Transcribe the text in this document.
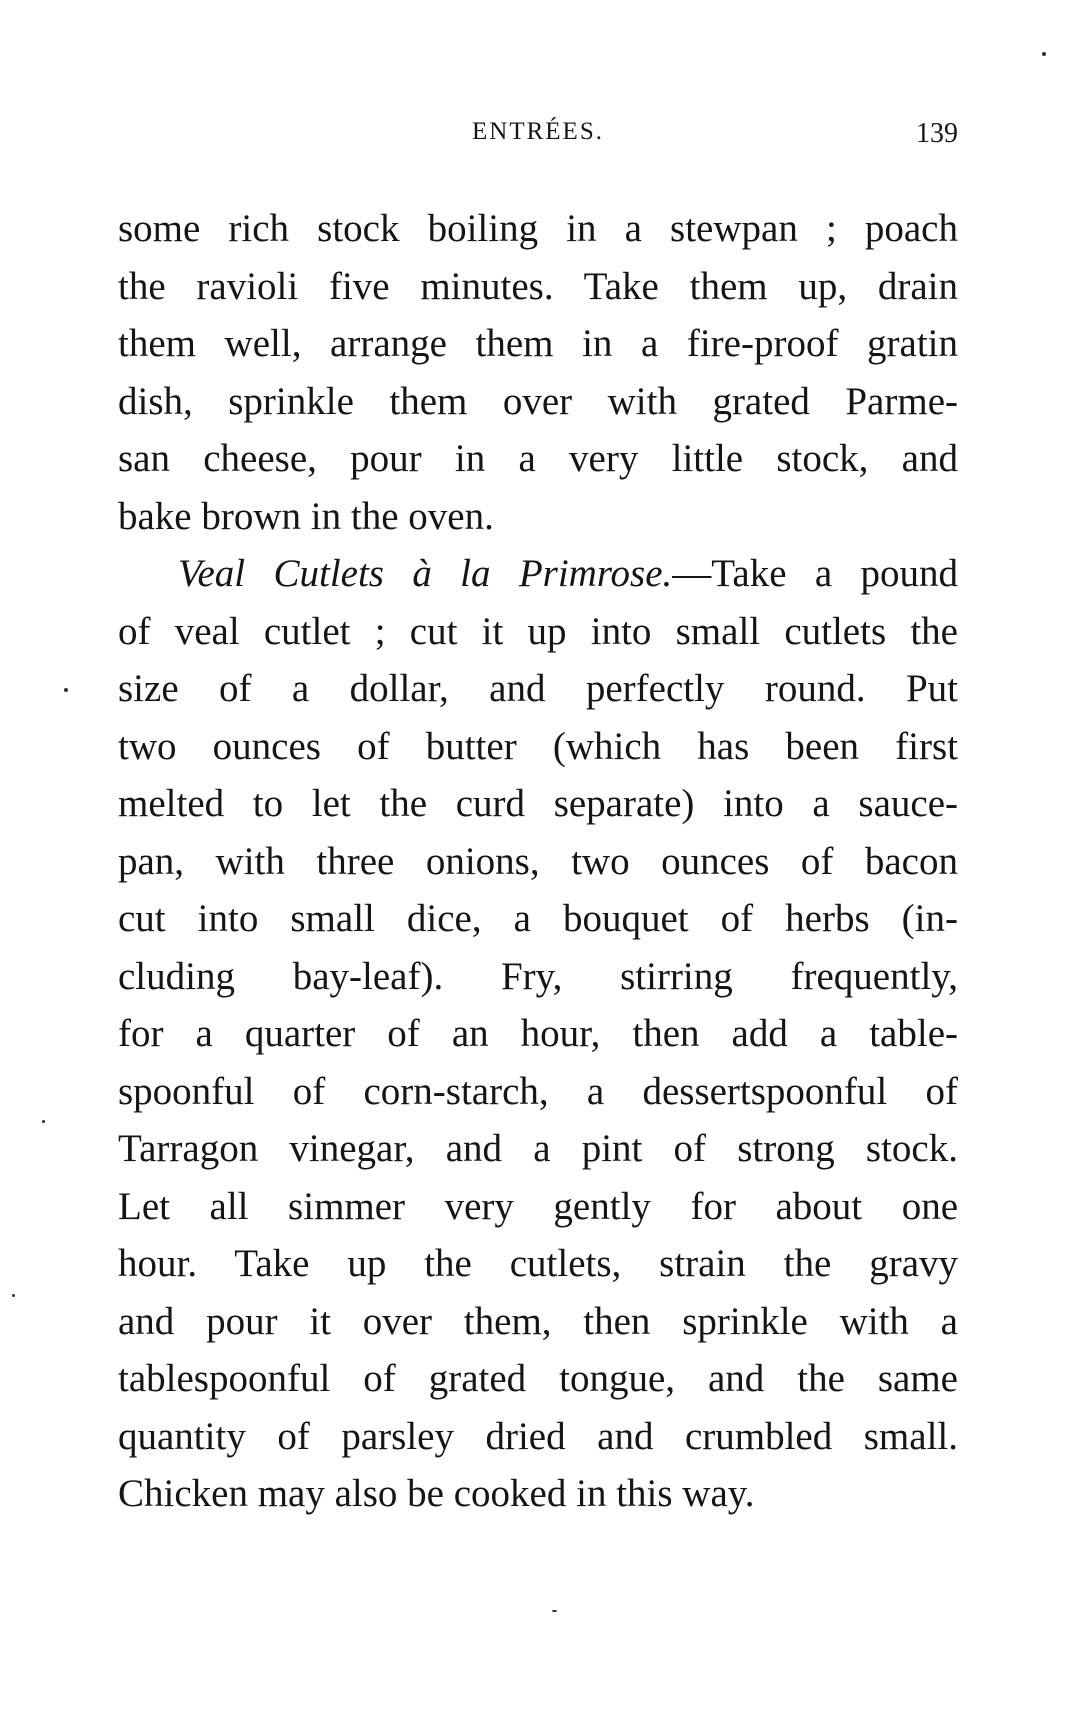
ENTRÉES.	139
some rich stock boiling in a stewpan ; poach
the ravioli five minutes. Take them up, drain
them well, arrange them in a fire-proof gratin
dish, sprinkle them over with grated Parme-
san cheese, pour in a very little stock, and
bake brown in the oven.
Veal Cutlets à la Primrose.—Take a pound
of veal cutlet ; cut it up into small cutlets the
size of a dollar, and perfectly round. Put
two ounces of butter (which has been first
melted to let the curd separate) into a sauce-
pan, with three onions, two ounces of bacon
cut into small dice, a bouquet of herbs (in-
cluding bay-leaf). Fry, stirring frequently,
for a quarter of an hour, then add a table-
spoonful of corn-starch, a dessertspoonful of
Tarragon vinegar, and a pint of strong stock.
Let all simmer very gently for about one
hour. Take up the cutlets, strain the gravy
and pour it over them, then sprinkle with a
tablespoonful of grated tongue, and the same
quantity of parsley dried and crumbled small.
Chicken may also be cooked in this way.
